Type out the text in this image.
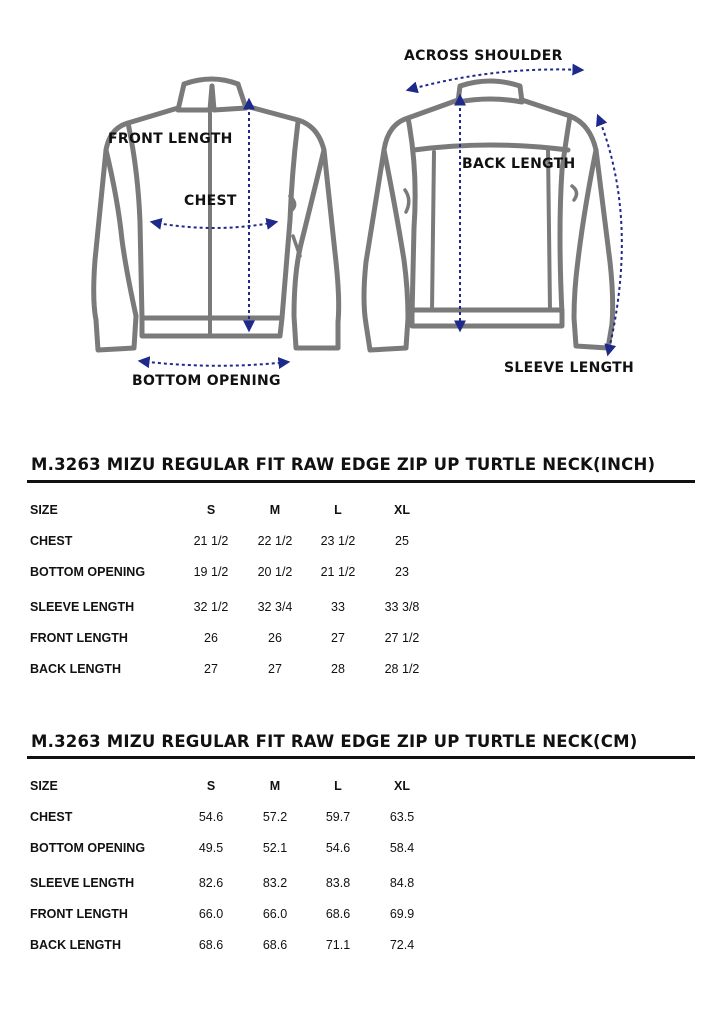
FRONT LENGTH
CHEST
BOTTOM OPENING
ACROSS SHOULDER
BACK LENGTH
SLEEVE LENGTH
M.3263 MIZU REGULAR FIT RAW EDGE ZIP UP TURTLE NECK(INCH)
SIZE	S	M	L	XL
CHEST	21 1/2	22 1/2	23 1/2	25
BOTTOM OPENING	19 1/2	20 1/2	21 1/2	23
SLEEVE LENGTH	32 1/2	32 3/4	33	33 3/8
FRONT LENGTH	26	26	27	27 1/2
BACK LENGTH	27	27	28	28 1/2
M.3263 MIZU REGULAR FIT RAW EDGE ZIP UP TURTLE NECK(CM)
SIZE	S	M	L	XL
CHEST	54.6	57.2	59.7	63.5
BOTTOM OPENING	49.5	52.1	54.6	58.4
SLEEVE LENGTH	82.6	83.2	83.8	84.8
FRONT LENGTH	66.0	66.0	68.6	69.9
BACK LENGTH	68.6	68.6	71.1	72.4
